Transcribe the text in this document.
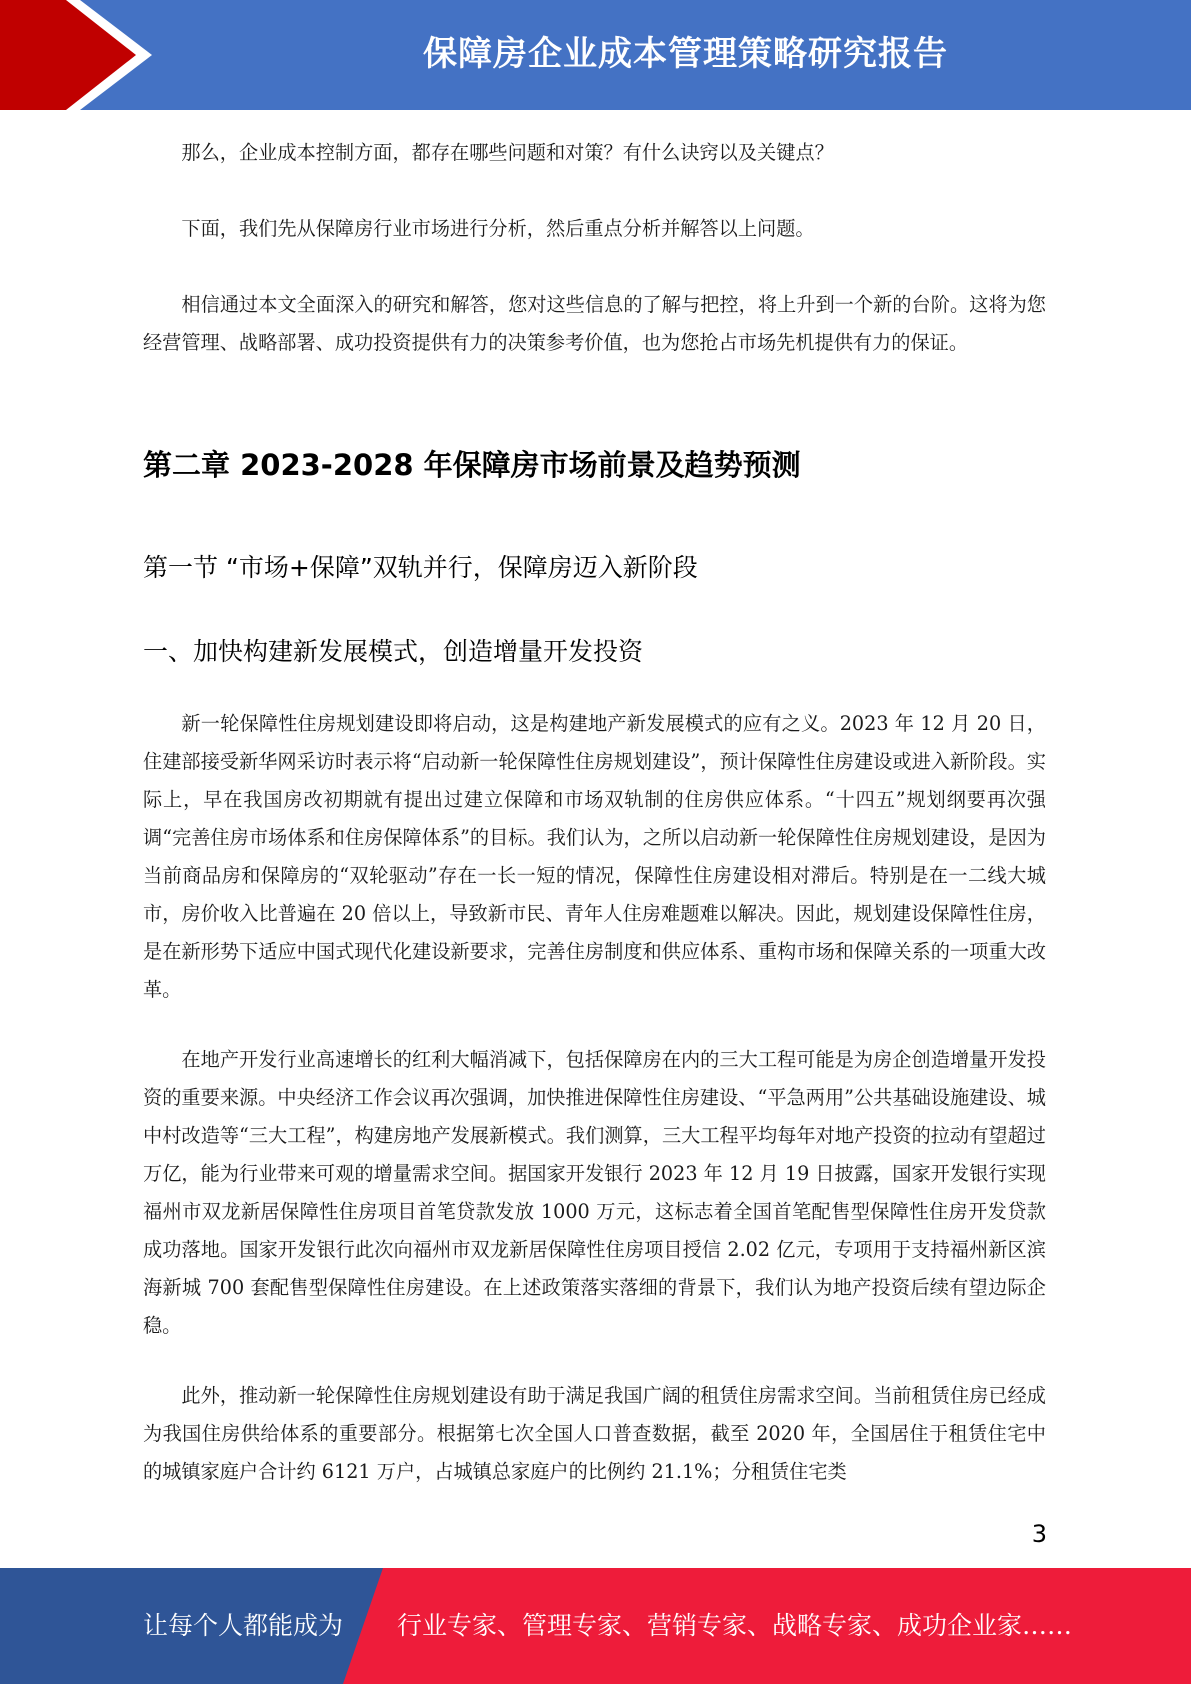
保障房企业成本管理策略研究报告

那么，企业成本控制方面，都存在哪些问题和对策？有什么诀窍以及关键点？

下面，我们先从保障房行业市场进行分析，然后重点分析并解答以上问题。

相信通过本文全面深入的研究和解答，您对这些信息的了解与把控，将上升到一个新的台阶。这将为您经营管理、战略部署、成功投资提供有力的决策参考价值，也为您抢占市场先机提供有力的保证。

第二章 2023-2028 年保障房市场前景及趋势预测
第一节 “市场+保障”双轨并行，保障房迈入新阶段
一、加快构建新发展模式，创造增量开发投资

新一轮保障性住房规划建设即将启动，这是构建地产新发展模式的应有之义。2023 年 12 月 20 日，住建部接受新华网采访时表示将“启动新一轮保障性住房规划建设”，预计保障性住房建设或进入新阶段。实际上，早在我国房改初期就有提出过建立保障和市场双轨制的住房供应体系。“十四五”规划纲要再次强调“完善住房市场体系和住房保障体系”的目标。我们认为，之所以启动新一轮保障性住房规划建设，是因为当前商品房和保障房的“双轮驱动”存在一长一短的情况，保障性住房建设相对滞后。特别是在一二线大城市，房价收入比普遍在 20 倍以上，导致新市民、青年人住房难题难以解决。因此，规划建设保障性住房，是在新形势下适应中国式现代化建设新要求，完善住房制度和供应体系、重构市场和保障关系的一项重大改革。

在地产开发行业高速增长的红利大幅消减下，包括保障房在内的三大工程可能是为房企创造增量开发投资的重要来源。中央经济工作会议再次强调，加快推进保障性住房建设、“平急两用”公共基础设施建设、城中村改造等“三大工程”，构建房地产发展新模式。我们测算，三大工程平均每年对地产投资的拉动有望超过万亿，能为行业带来可观的增量需求空间。据国家开发银行 2023 年 12 月 19 日披露，国家开发银行实现福州市双龙新居保障性住房项目首笔贷款发放 1000 万元，这标志着全国首笔配售型保障性住房开发贷款成功落地。国家开发银行此次向福州市双龙新居保障性住房项目授信 2.02 亿元，专项用于支持福州新区滨海新城 700 套配售型保障性住房建设。在上述政策落实落细的背景下，我们认为地产投资后续有望边际企稳。

此外，推动新一轮保障性住房规划建设有助于满足我国广阔的租赁住房需求空间。当前租赁住房已经成为我国住房供给体系的重要部分。根据第七次全国人口普查数据，截至 2020 年，全国居住于租赁住宅中的城镇家庭户合计约 6121 万户，占城镇总家庭户的比例约 21.1%；分租赁住宅类

3
让每个人都能成为 行业专家、管理专家、营销专家、战略专家、成功企业家……
